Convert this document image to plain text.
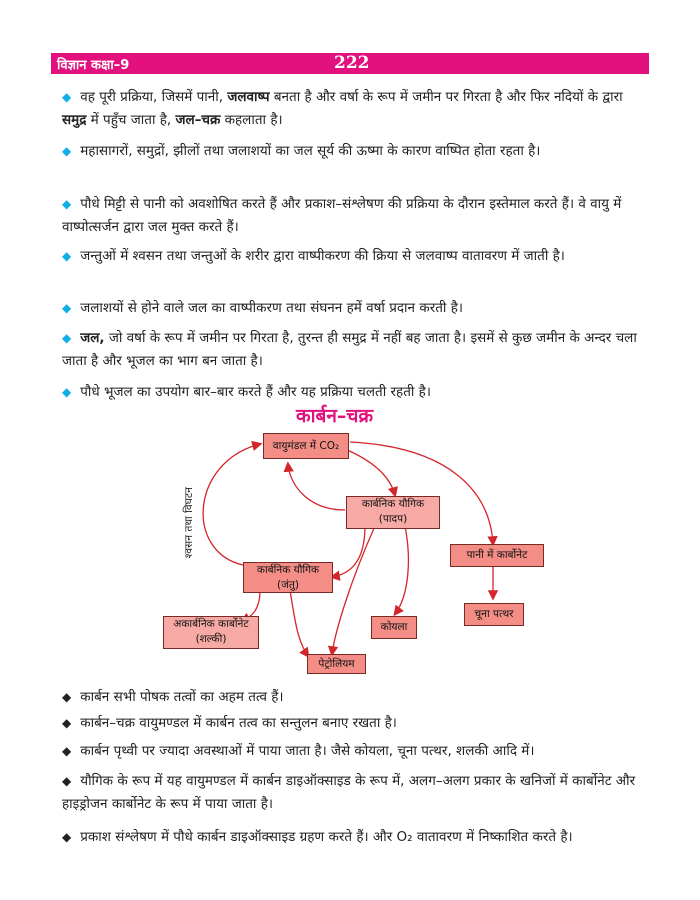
विज्ञान कक्षा–9	222
◆ वह पूरी प्रक्रिया, जिसमें पानी, जलवाष्प बनता है और वर्षा के रूप में जमीन पर गिरता है और फिर नदियों के द्वारा समुद्र में पहुँच जाता है, जल–चक्र कहलाता है।
◆ महासागरों, समुद्रों, झीलों तथा जलाशयों का जल सूर्य की ऊष्मा के कारण वाष्पित होता रहता है।
◆ पौधे मिट्टी से पानी को अवशोषित करते हैं और प्रकाश–संश्लेषण की प्रक्रिया के दौरान इस्तेमाल करते हैं। वे वायु में वाष्पोत्सर्जन द्वारा जल मुक्त करते हैं।
◆ जन्तुओं में श्वसन तथा जन्तुओं के शरीर द्वारा वाष्पीकरण की क्रिया से जलवाष्प वातावरण में जाती है।
◆ जलाशयों से होने वाले जल का वाष्पीकरण तथा संघनन हमें वर्षा प्रदान करती है।
◆ जल, जो वर्षा के रूप में जमीन पर गिरता है, तुरन्त ही समुद्र में नहीं बह जाता है। इसमें से कुछ जमीन के अन्दर चला जाता है और भूजल का भाग बन जाता है।
◆ पौधे भूजल का उपयोग बार–बार करते हैं और यह प्रक्रिया चलती रहती है।
कार्बन–चक्र
श्वसन तथा विघटन
वायुमंडल में CO₂
कार्बनिक यौगिक
(पादप)
पानी में कार्बोनेट
कार्बनिक यौगिक
(जंतु)
चूना पत्थर
कोयला
अकार्बनिक कार्बोनेट
(शल्की)
पेट्रोलियम
◆ कार्बन सभी पोषक तत्वों का अहम तत्व हैं।
◆ कार्बन–चक्र वायुमण्डल में कार्बन तत्व का सन्तुलन बनाए रखता है।
◆ कार्बन पृथ्वी पर ज्यादा अवस्थाओं में पाया जाता है। जैसे कोयला, चूना पत्थर, शलकी आदि में।
◆ यौगिक के रूप में यह वायुमण्डल में कार्बन डाइऑक्साइड के रूप में, अलग–अलग प्रकार के खनिजों में कार्बोनेट और हाइड्रोजन कार्बोनेट के रूप में पाया जाता है।
◆ प्रकाश संश्लेषण में पौधे कार्बन डाइऑक्साइड ग्रहण करते हैं। और O₂ वातावरण में निष्काशित करते है।
